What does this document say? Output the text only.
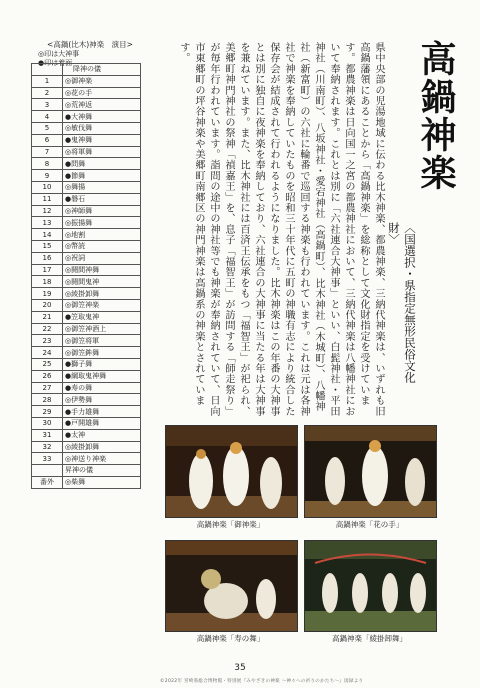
<高鍋(比木)神楽　演目>
◎印は大神事
●印は着面
	降神の儀
1	◎御神楽
2	◎花の手
3	◎荒神返
4	●大神舞
5	◎敏伐舞
6	●鬼神舞
7	◎将軍舞
8	●問舞
9	●節舞
10	◎舞揚
11	●磐石
12	◎神師舞
13	◎振揚舞
14	◎地割
15	◎幣読
16	◎祝詞
17	◎闘間神舞
18	◎闘間鬼神
19	◎綾掛卸舞
20	◎御笠神楽
21	●笠取鬼神
22	◎御笠神酒上
23	◎御笠将軍
24	◎御笠鉾舞
25	●獅子舞
26	●綱取鬼神舞
27	●寿の舞
28	◎伊勢舞
29	●手力雄舞
30	●戸開雄舞
31	●太神
32	◎綾掛卸舞
33	◎神送り神楽
	昇神の儀
番外	◎柴舞
高鍋神楽
〈国選択・県指定無形民俗文化財〉
県中央部の児湯地域に伝わる比木神楽、都農神楽、三納代神楽は、いずれも旧高鍋藩領にあることから「高鍋神楽」を総称として文化財指定を受けています。都農神楽は日向国一之宮の都農神社において、三納代神楽は八幡神社において奉納されます。これとは別に「六社連合大神事」といい、白髭神社・平田神社（川南町）、八坂神社・愛宕神社（高鍋町）、比木神社（木城町）、八幡神社（新富町）の六社に輪番で巡回する神楽も行われています。これは元は各神社で神楽を奉納していたものを昭和三十年代に五町の神職有志により統合した保存会が結成されて行われるようになりました。比木神楽はこの年番の大神事とは別に独自に夜神楽を奉納しており、六社連合の大神事に当たる年は大神事を兼ねています。また、比木神社には百済王伝承をもつ「福智王」が祀られ、美郷町神門神社の祭神「禎嘉王」を、息子「福智王」が訪問する「師走祭り」が毎年行われています。詣問の途中の神社等でも神楽が奉納されていて、日向市東郷町の坪谷神楽や美郷町南郷区の神門神楽は高鍋系の神楽とされています。
高鍋神楽「御神楽」	高鍋神楽「花の手」
高鍋神楽「寿の舞」	高鍋神楽「綾掛卸舞」
35
©2022年 宮崎県総合博物館・特別展『みやざきの神楽 ～神々への祈りのかたち～』図録より
